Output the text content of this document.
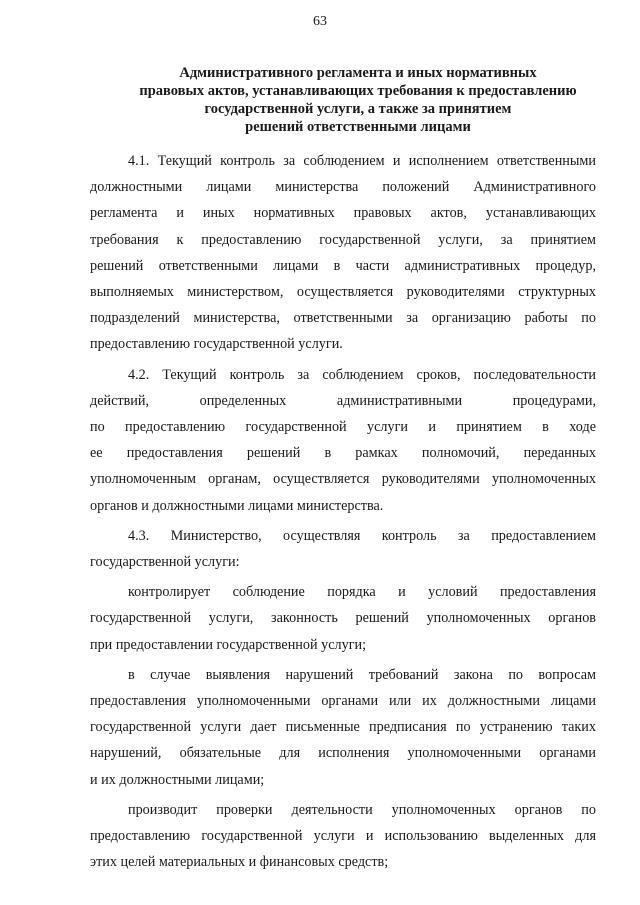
63
Административного регламента и иных нормативных
правовых актов, устанавливающих требования к предоставлению
государственной услуги, а также за принятием
решений ответственными лицами

4.1. Текущий контроль за соблюдением и исполнением ответственными
должностными лицами министерства положений Административного
регламента и иных нормативных правовых актов, устанавливающих
требования к предоставлению государственной услуги, за принятием
решений ответственными лицами в части административных процедур,
выполняемых министерством, осуществляется руководителями структурных
подразделений министерства, ответственными за организацию работы по
предоставлению государственной услуги.

4.2. Текущий контроль за соблюдением сроков, последовательности
действий, определенных административными процедурами,
по предоставлению государственной услуги и принятием в ходе
ее предоставления решений в рамках полномочий, переданных
уполномоченным органам, осуществляется руководителями уполномоченных
органов и должностными лицами министерства.

4.3. Министерство, осуществляя контроль за предоставлением
государственной услуги:

контролирует соблюдение порядка и условий предоставления
государственной услуги, законность решений уполномоченных органов
при предоставлении государственной услуги;

в случае выявления нарушений требований закона по вопросам
предоставления уполномоченными органами или их должностными лицами
государственной услуги дает письменные предписания по устранению таких
нарушений, обязательные для исполнения уполномоченными органами
и их должностными лицами;

производит проверки деятельности уполномоченных органов по
предоставлению государственной услуги и использованию выделенных для
этих целей материальных и финансовых средств;
